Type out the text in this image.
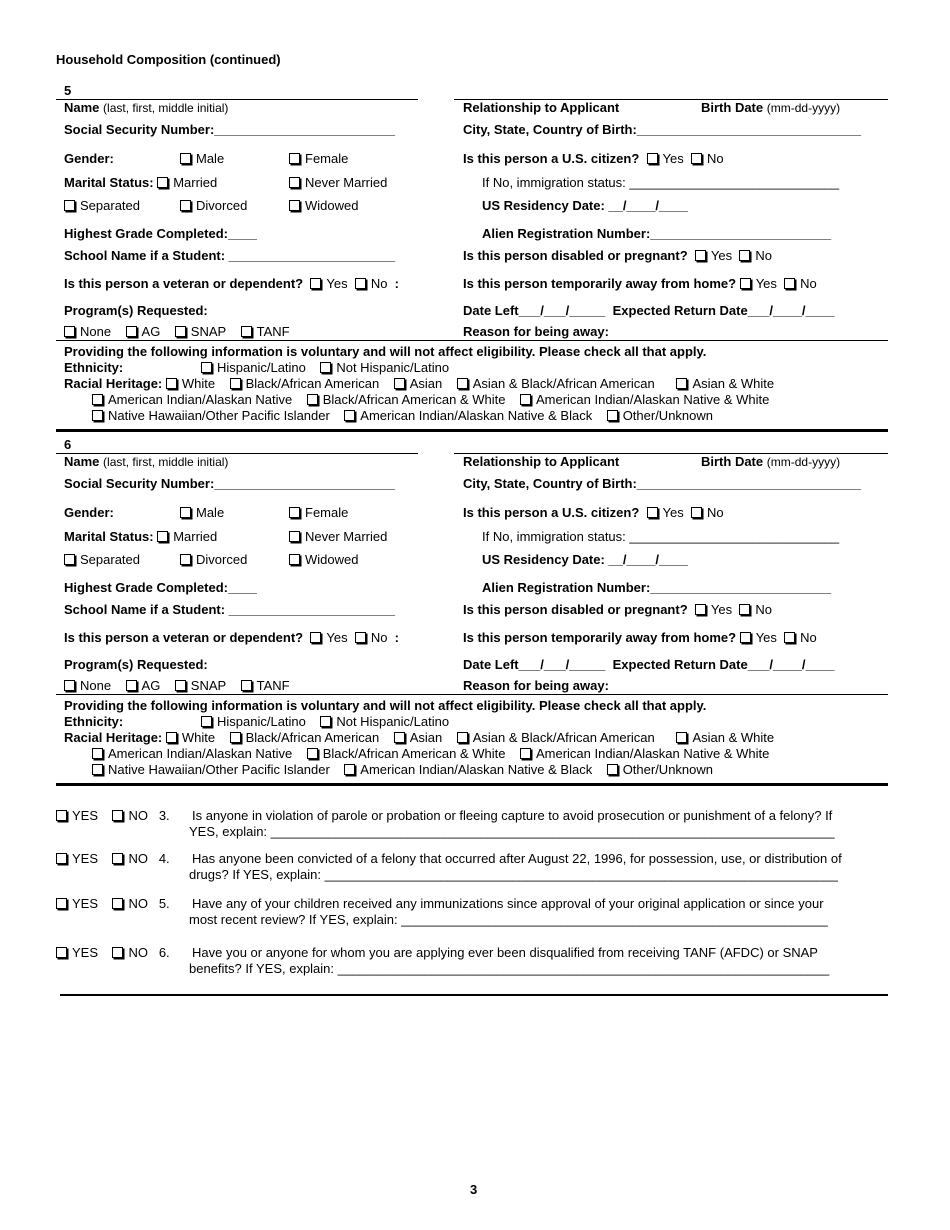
Household Composition (continued)
5
Name (last, first, middle initial)	Relationship to Applicant	Birth Date (mm-dd-yyyy)
Social Security Number:_________________________	City, State, Country of Birth:_______________________________
Gender:	Male	Female	Is this person a U.S. citizen? Yes No
Marital Status: Married	Never Married	If No, immigration status: _____________________________
Separated	Divorced	Widowed	US Residency Date: __/____/____
Highest Grade Completed:____	Alien Registration Number:_________________________
School Name if a Student: _______________________	Is this person disabled or pregnant? Yes No
Is this person a veteran or dependent? Yes No :	Is this person temporarily away from home? Yes No
Program(s) Requested:	Date Left___/___/_____ Expected Return Date___/____/____
None AG SNAP TANF	Reason for being away:
Providing the following information is voluntary and will not affect eligibility. Please check all that apply.
Ethnicity:	Hispanic/Latino Not Hispanic/Latino
Racial Heritage: White Black/African American Asian Asian & Black/African American	Asian & White
American Indian/Alaskan Native Black/African American & White American Indian/Alaskan Native & White
Native Hawaiian/Other Pacific Islander American Indian/Alaskan Native & Black Other/Unknown
6
Name (last, first, middle initial)	Relationship to Applicant	Birth Date (mm-dd-yyyy)
Social Security Number:_________________________	City, State, Country of Birth:_______________________________
Gender:	Male	Female	Is this person a U.S. citizen? Yes No
Marital Status: Married	Never Married	If No, immigration status: _____________________________
Separated	Divorced	Widowed	US Residency Date: __/____/____
Highest Grade Completed:____	Alien Registration Number:_________________________
School Name if a Student: _______________________	Is this person disabled or pregnant? Yes No
Is this person a veteran or dependent? Yes No :	Is this person temporarily away from home? Yes No
Program(s) Requested:	Date Left___/___/_____ Expected Return Date___/____/____
None AG SNAP TANF	Reason for being away:
Providing the following information is voluntary and will not affect eligibility. Please check all that apply.
Ethnicity:	Hispanic/Latino Not Hispanic/Latino
Racial Heritage: White Black/African American Asian Asian & Black/African American	Asian & White
American Indian/Alaskan Native Black/African American & White American Indian/Alaskan Native & White
Native Hawaiian/Other Pacific Islander American Indian/Alaskan Native & Black Other/Unknown
YES NO 3. Is anyone in violation of parole or probation or fleeing capture to avoid prosecution or punishment of a felony? If
YES, explain: ______________________________________________________________________________
YES NO 4. Has anyone been convicted of a felony that occurred after August 22, 1996, for possession, use, or distribution of
drugs? If YES, explain: _______________________________________________________________________
YES NO 5. Have any of your children received any immunizations since approval of your original application or since your
most recent review? If YES, explain: ___________________________________________________________
YES NO 6. Have you or anyone for whom you are applying ever been disqualified from receiving TANF (AFDC) or SNAP
benefits? If YES, explain: ____________________________________________________________________
3
